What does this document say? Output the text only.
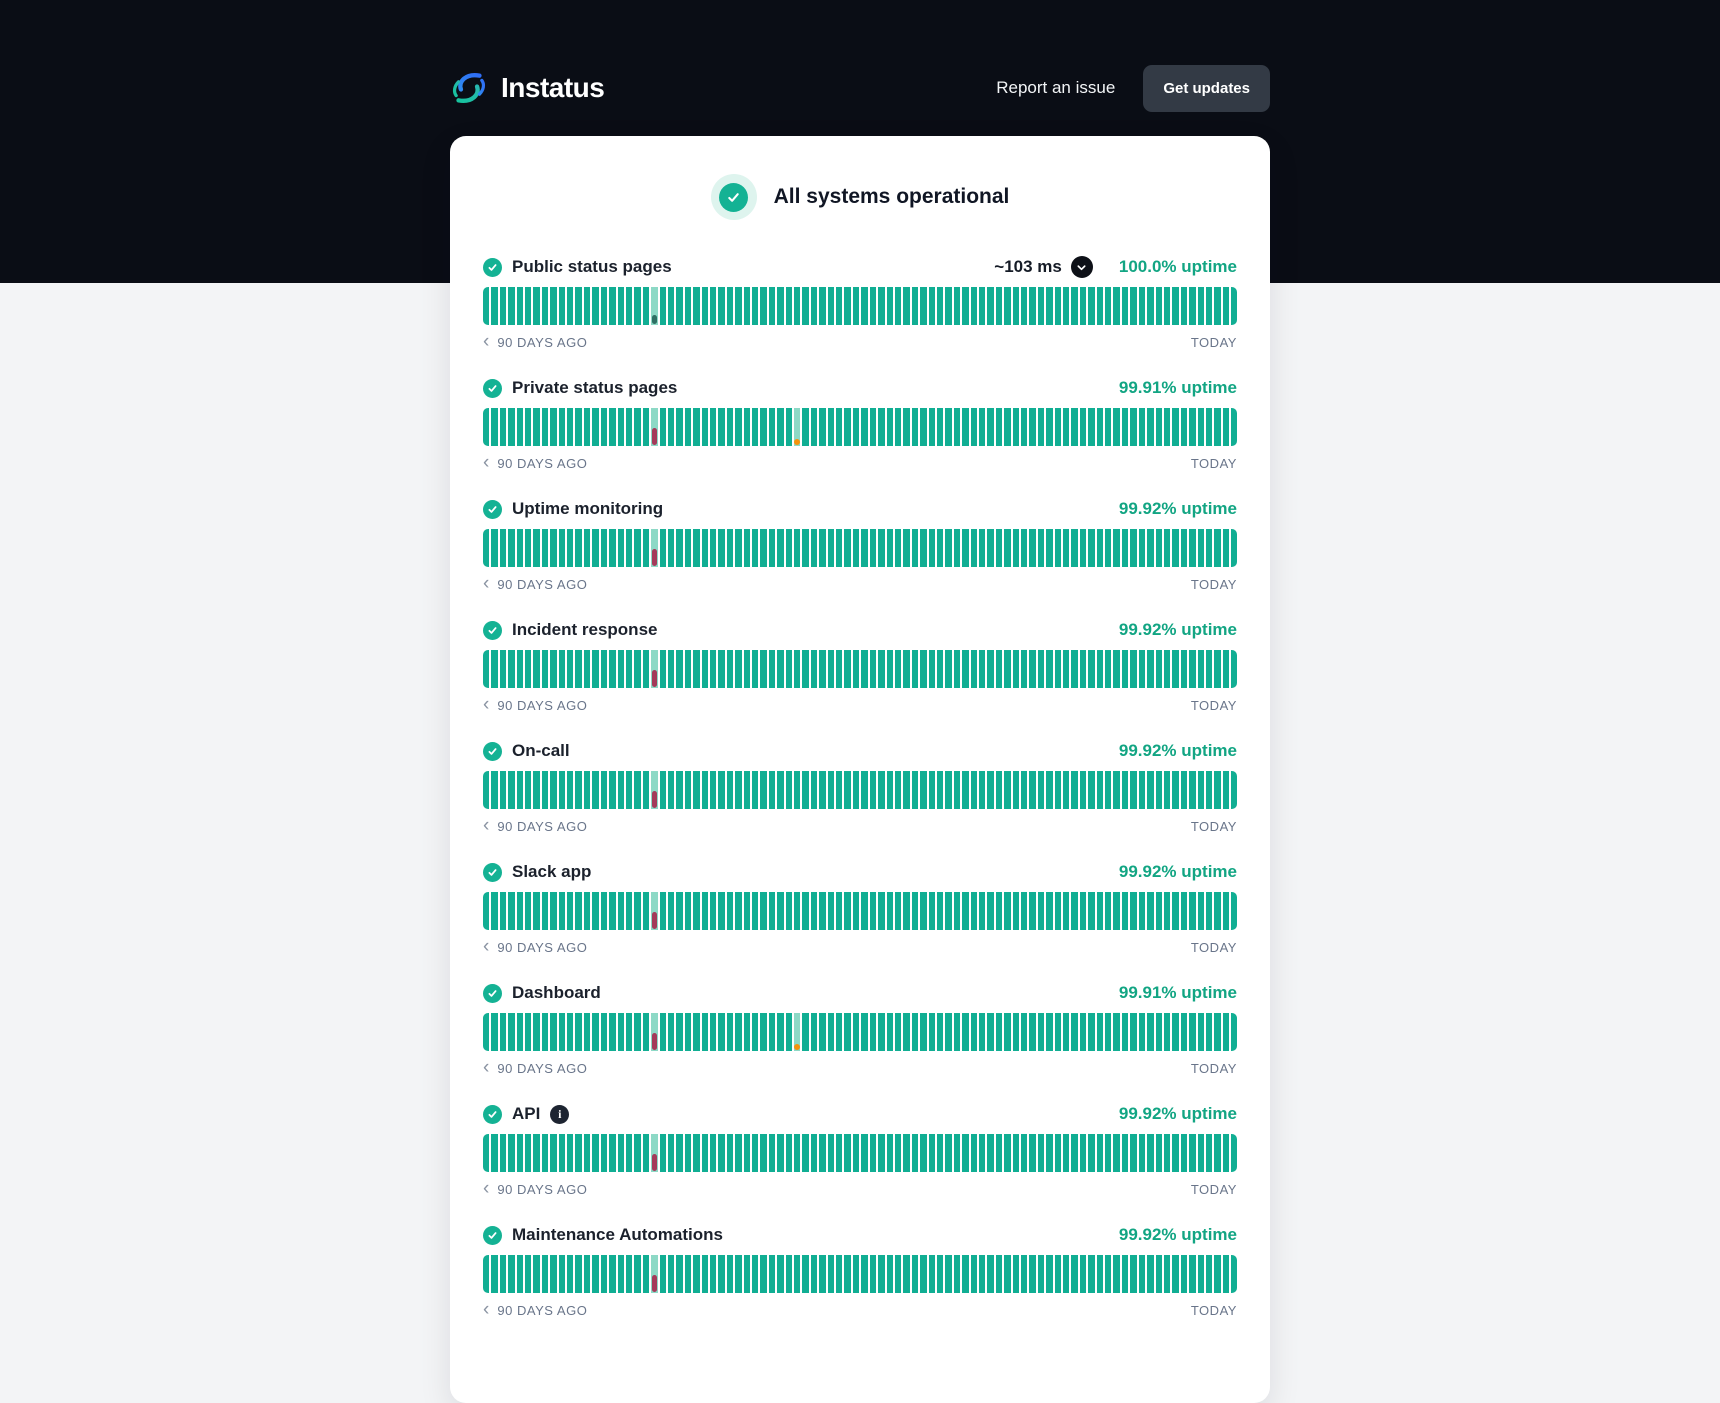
Instatus	Report an issue	Get updates
All systems operational
Public status pages	~103 ms	100.0% uptime
‹ 90 DAYS AGO	TODAY
Private status pages	99.91% uptime
‹ 90 DAYS AGO	TODAY
Uptime monitoring	99.92% uptime
‹ 90 DAYS AGO	TODAY
Incident response	99.92% uptime
‹ 90 DAYS AGO	TODAY
On-call	99.92% uptime
‹ 90 DAYS AGO	TODAY
Slack app	99.92% uptime
‹ 90 DAYS AGO	TODAY
Dashboard	99.91% uptime
‹ 90 DAYS AGO	TODAY
API	i	99.92% uptime
‹ 90 DAYS AGO	TODAY
Maintenance Automations	99.92% uptime
‹ 90 DAYS AGO	TODAY
